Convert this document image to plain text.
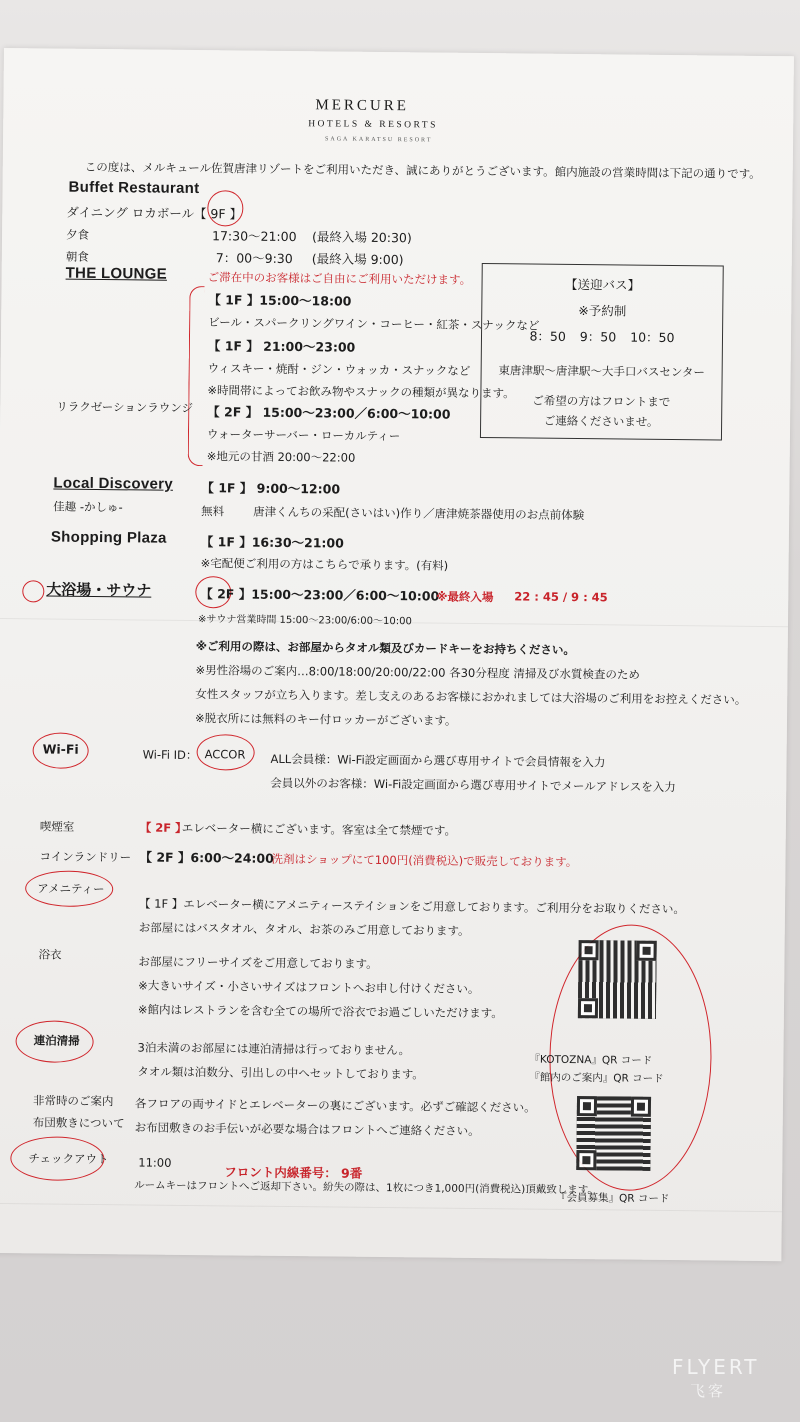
MERCURE
HOTELS & RESORTS
SAGA KARATSU RESORT
この度は、メルキュール佐賀唐津リゾートをご利用いただき、誠にありがとうございます。館内施設の営業時間は下記の通りです。
Buffet Restaurant
ダイニング ロカボール【 9F 】
夕食	17:30〜21:00 (最終入場 20:30)
朝食	7：00〜9:30 (最終入場 9:00)
THE LOUNGE	ご滞在中のお客様はご自由にご利用いただけます。
【 1F 】15:00〜18:00
ビール・スパークリングワイン・コーヒー・紅茶・スナックなど
【 1F 】 21:00〜23:00
ウィスキー・焼酎・ジン・ウォッカ・スナックなど
※時間帯によってお飲み物やスナックの種類が異なります。
リラクゼーションラウンジ 【 2F 】 15:00〜23:00／6:00〜10:00
ウォーターサーバー・ローカルティー
※地元の甘酒 20:00〜22:00
Local Discovery 【 1F 】 9:00〜12:00
佳趣 -かしゅ-	無料	唐津くんちの采配(さいはい)作り／唐津焼茶器使用のお点前体験
Shopping Plaza	【 1F 】16:30〜21:00
※宅配便ご利用の方はこちらで承ります。(有料)
大浴場・サウナ	【 2F 】15:00〜23:00／6:00〜10:00
※最終入場 22 : 45 / 9 : 45
※サウナ営業時間 15:00〜23:00/6:00〜10:00
※ご利用の際は、お部屋からタオル類及びカードキーをお持ちください。
※男性浴場のご案内…8:00/18:00/20:00/22:00 各30分程度 清掃及び水質検査のため
女性スタッフが立ち入ります。差し支えのあるお客様におかれましては大浴場のご利用をお控えください。
※脱衣所には無料のキー付ロッカーがございます。
Wi-Fi	Wi-Fi ID： ACCOR ALL会員様：Wi-Fi設定画面から選び専用サイトで会員情報を入力
会員以外のお客様：Wi-Fi設定画面から選び専用サイトでメールアドレスを入力
喫煙室	【 2F 】
エレベーター横にございます。客室は全て禁煙です。
コインランドリー 【 2F 】6:00〜24:00
洗剤はショップにて100円(消費税込)で販売しております。
アメニティー
【 1F 】エレベーター横にアメニティーステイションをご用意しております。ご利用分をお取りください。
お部屋にはバスタオル、タオル、お茶のみご用意しております。
浴衣	お部屋にフリーサイズをご用意しております。
※大きいサイズ・小さいサイズはフロントへお申し付けください。
※館内はレストランを含む全ての場所で浴衣でお過ごしいただけます。
連泊清掃	3泊未満のお部屋には連泊清掃は行っておりません。
タオル類は泊数分、引出しの中へセットしております。
非常時のご案内 各フロアの両サイドとエレベーターの裏にございます。必ずご確認ください。
布団敷きについて お布団敷きのお手伝いが必要な場合はフロントへご連絡ください。
チェックアウト	11:00
フロント内線番号： 9番
ルームキーはフロントへご返却下さい。紛失の際は、1枚につき1,000円(消費税込)頂戴致します。
【送迎バス】
※予約制
8：50 9：50 10：50
東唐津駅〜唐津駅〜大手口バスセンター
ご希望の方はフロントまで
ご連絡くださいませ。
『KOTOZNA』QR コード
『館内のご案内』QR コード
『会員募集』QR コード
FLYERT
飞客
